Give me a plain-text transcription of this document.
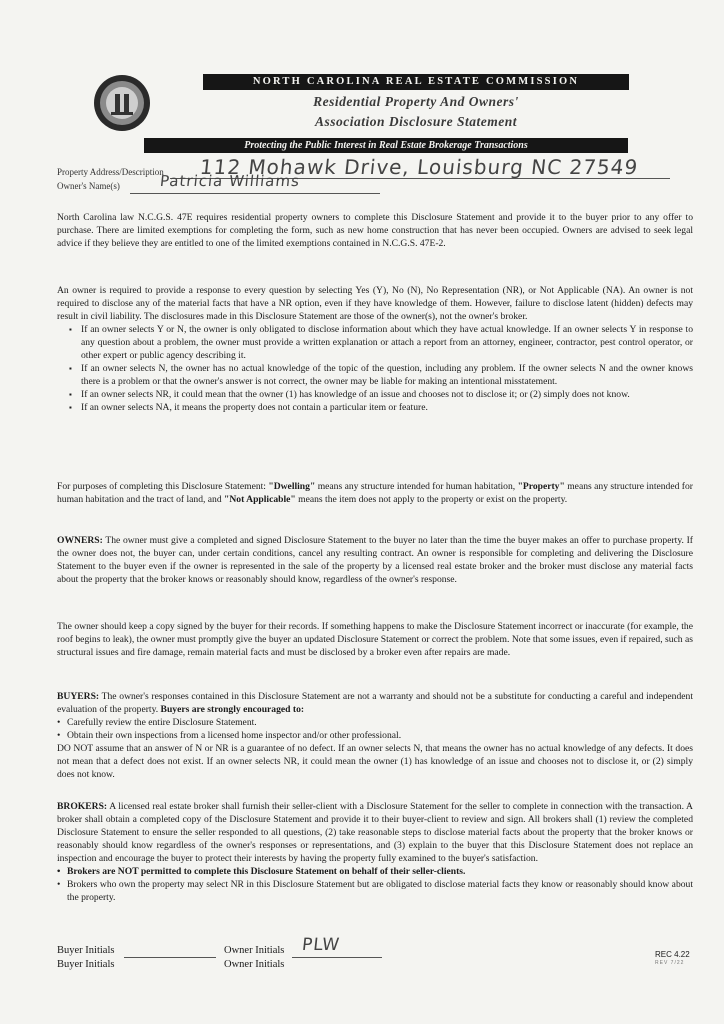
NORTH CAROLINA REAL ESTATE COMMISSION
Residential Property And Owners'
Association Disclosure Statement
Protecting the Public Interest in Real Estate Brokerage Transactions
Property Address/Description
Owner's Name(s)
112 Mohawk Drive, Louisburg NC 27549
Patricia Williams

North Carolina law N.C.G.S. 47E requires residential property owners to complete this Disclosure Statement and provide it to the buyer prior to any offer to purchase. There are limited exemptions for completing the form, such as new home construction that has never been occupied. Owners are advised to seek legal advice if they believe they are entitled to one of the limited exemptions contained in N.C.G.S. 47E-2.

An owner is required to provide a response to every question by selecting Yes (Y), No (N), No Representation (NR), or Not Applicable (NA). An owner is not required to disclose any of the material facts that have a NR option, even if they have knowledge of them. However, failure to disclose latent (hidden) defects may result in civil liability. The disclosures made in this Disclosure Statement are those of the owner(s), not the owner's broker.

▪ If an owner selects Y or N, the owner is only obligated to disclose information about which they have actual knowledge. If an owner selects Y in response to any question about a problem, the owner must provide a written explanation or attach a report from an attorney, engineer, contractor, pest control operator, or other expert or public agency describing it.
▪ If an owner selects N, the owner has no actual knowledge of the topic of the question, including any problem. If the owner selects N and the owner knows there is a problem or that the owner's answer is not correct, the owner may be liable for making an intentional misstatement.
▪ If an owner selects NR, it could mean that the owner (1) has knowledge of an issue and chooses not to disclose it; or (2) simply does not know.
▪ If an owner selects NA, it means the property does not contain a particular item or feature.

For purposes of completing this Disclosure Statement: "Dwelling" means any structure intended for human habitation, "Property" means any structure intended for human habitation and the tract of land, and "Not Applicable" means the item does not apply to the property or exist on the property.

OWNERS: The owner must give a completed and signed Disclosure Statement to the buyer no later than the time the buyer makes an offer to purchase property. If the owner does not, the buyer can, under certain conditions, cancel any resulting contract. An owner is responsible for completing and delivering the Disclosure Statement to the buyer even if the owner is represented in the sale of the property by a licensed real estate broker and the broker must disclose any material facts about the property that the broker knows or reasonably should know, regardless of the owner's response.

The owner should keep a copy signed by the buyer for their records. If something happens to make the Disclosure Statement incorrect or inaccurate (for example, the roof begins to leak), the owner must promptly give the buyer an updated Disclosure Statement or correct the problem. Note that some issues, even if repaired, such as structural issues and fire damage, remain material facts and must be disclosed by a broker even after repairs are made.

BUYERS: The owner's responses contained in this Disclosure Statement are not a warranty and should not be a substitute for conducting a careful and independent evaluation of the property. Buyers are strongly encouraged to:

• Carefully review the entire Disclosure Statement.
• Obtain their own inspections from a licensed home inspector and/or other professional.

DO NOT assume that an answer of N or NR is a guarantee of no defect. If an owner selects N, that means the owner has no actual knowledge of any defects. It does not mean that a defect does not exist. If an owner selects NR, it could mean the owner (1) has knowledge of an issue and chooses not to disclose it, or (2) simply does not know.

BROKERS: A licensed real estate broker shall furnish their seller-client with a Disclosure Statement for the seller to complete in connection with the transaction. A broker shall obtain a completed copy of the Disclosure Statement and provide it to their buyer-client to review and sign. All brokers shall (1) review the completed Disclosure Statement to ensure the seller responded to all questions, (2) take reasonable steps to disclose material facts about the property that the broker knows or reasonably should know regardless of the owner's responses or representations, and (3) explain to the buyer that this Disclosure Statement does not replace an inspection and encourage the buyer to protect their interests by having the property fully examined to the buyer's satisfaction.

• Brokers are NOT permitted to complete this Disclosure Statement on behalf of their seller-clients.
• Brokers who own the property may select NR in this Disclosure Statement but are obligated to disclose material facts they know or reasonably should know about the property.
Buyer Initials
Buyer Initials
Owner Initials PLW
Owner Initials
REC 4.22
REV 7/22
